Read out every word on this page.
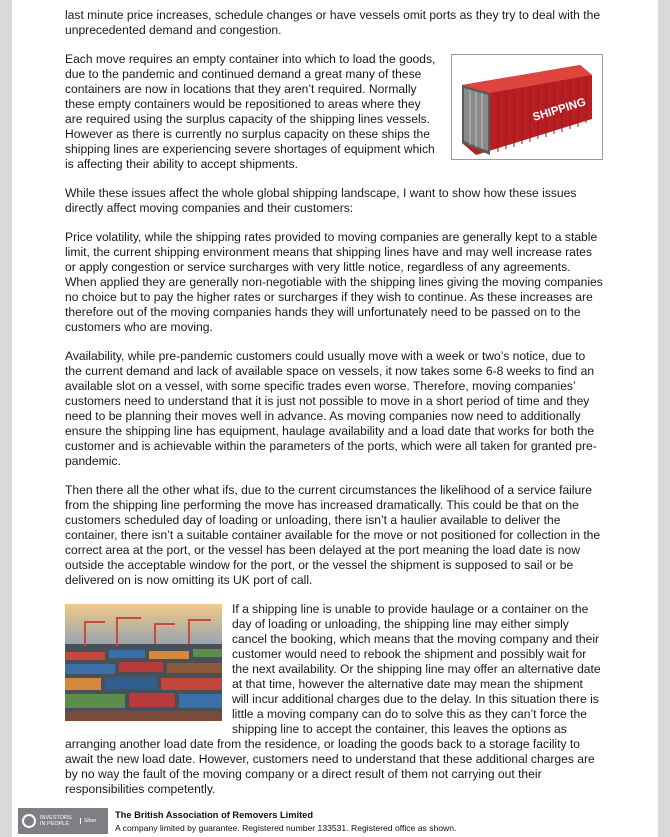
last minute price increases, schedule changes or have vessels omit ports as they try to deal with the unprecedented demand and congestion.

SHIPPING

Each move requires an empty container into which to load the goods, due to the pandemic and continued demand a great many of these containers are now in locations that they aren’t required. Normally these empty containers would be repositioned to areas where they are required using the surplus capacity of the shipping lines vessels. However as there is currently no surplus capacity on these ships the shipping lines are experiencing severe shortages of equipment which is affecting their ability to accept shipments.

While these issues affect the whole global shipping landscape, I want to show how these issues directly affect moving companies and their customers:

Price volatility, while the shipping rates provided to moving companies are generally kept to a stable limit, the current shipping environment means that shipping lines have and may well increase rates or apply congestion or service surcharges with very little notice, regardless of any agreements. When applied they are generally non-negotiable with the shipping lines giving the moving companies no choice but to pay the higher rates or surcharges if they wish to continue. As these increases are therefore out of the moving companies hands they will unfortunately need to be passed on to the customers who are moving.

Availability, while pre-pandemic customers could usually move with a week or two’s notice, due to the current demand and lack of available space on vessels, it now takes some 6-8 weeks to find an available slot on a vessel, with some specific trades even worse. Therefore, moving companies’ customers need to understand that it is just not possible to move in a short period of time and they need to be planning their moves well in advance. As moving companies now need to additionally ensure the shipping line has equipment, haulage availability and a load date that works for both the customer and is achievable within the parameters of the ports, which were all taken for granted pre-pandemic.

Then there all the other what ifs, due to the current circumstances the likelihood of a service failure from the shipping line performing the move has increased dramatically. This could be that on the customers scheduled day of loading or unloading, there isn’t a haulier available to deliver the container, there isn’t a suitable container available for the move or not positioned for collection in the correct area at the port, or the vessel has been delayed at the port meaning the load date is now outside the acceptable window for the port, or the vessel the shipment is supposed to sail or be delivered on is now omitting its UK port of call.

If a shipping line is unable to provide haulage or a container on the day of loading or unloading, the shipping line may either simply cancel the booking, which means that the moving company and their customer would need to rebook the shipment and possibly wait for the next availability. Or the shipping line may offer an alternative date at that time, however the alternative date may mean the shipment will incur additional charges due to the delay. In this situation there is little a moving company can do to solve this as they can’t force the shipping line to accept the container, this leaves the options as arranging another load date from the residence, or loading the goods back to a storage facility to await the new load date. However, customers need to understand that these additional charges are by no way the fault of the moving company or a direct result of them not carrying out their responsibilities competently.

INVESTORS
IN PEOPLE	Silver
The British Association of Removers Limited
A company limited by guarantee. Registered number 133531. Registered office as shown.
